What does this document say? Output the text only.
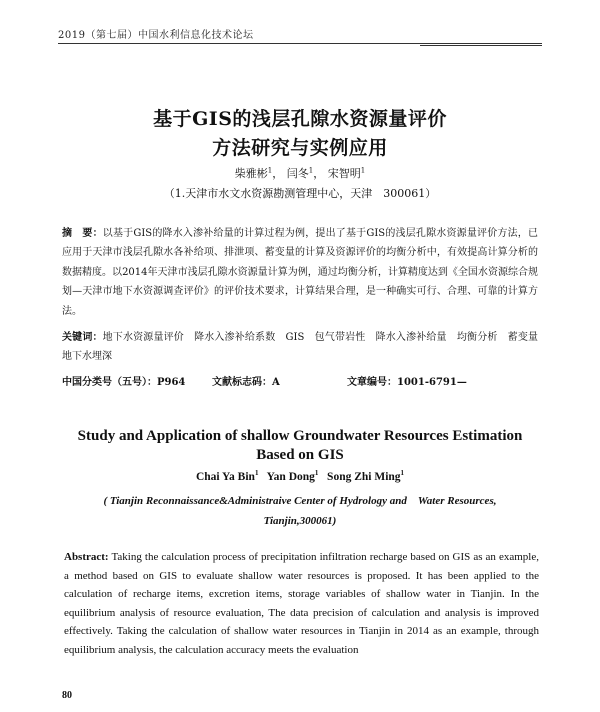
2019（第七届）中国水利信息化技术论坛
基于GIS的浅层孔隙水资源量评价
方法研究与实例应用
柴雅彬$^1$， 闫冬$^1$， 宋智明$^1$
（1.天津市水文水资源勘测管理中心，天津　300061）
摘　要：以基于GIS的降水入渗补给量的计算过程为例，提出了基于GIS的浅层孔隙水资源量评价方法，已应用于天津市浅层孔隙水各补给项、排泄项、蓄变量的计算及资源评价的均衡分析中，有效提高计算分析的数据精度。以2014年天津市浅层孔隙水资源量计算为例，通过均衡分析，计算精度达到《全国水资源综合规划—天津市地下水资源调查评价》的评价技术要求，计算结果合理，是一种确实可行、合理、可靠的计算方法。
关键词：地下水资源量评价　降水入渗补给系数　GIS　包气带岩性　降水入渗补给量　均衡分析　蓄变量　地下水埋深
中国分类号（五号）：P964	文献标志码：A	文章编号：1001-6791—
Study and Application of shallow Groundwater Resources Estimation
Based on GIS
Chai Ya Bin$^1$ Yan Dong$^1$ Song Zhi Ming$^1$
( Tianjin Reconnaissance&Administraive Center of Hydrology and　Water Resources, Tianjin,300061)
Abstract: Taking the calculation process of precipitation infiltration recharge based on GIS as an example, a method based on GIS to evaluate shallow water resources is proposed. It has been applied to the calculation of recharge items, excretion items, storage variables of shallow water in Tianjin. In the equilibrium analysis of resource evaluation, The data precision of calculation and analysis is improved effectively. Taking the calculation of shallow water resources in Tianjin in 2014 as an example, through equilibrium analysis, the calculation accuracy meets the evaluation
80
